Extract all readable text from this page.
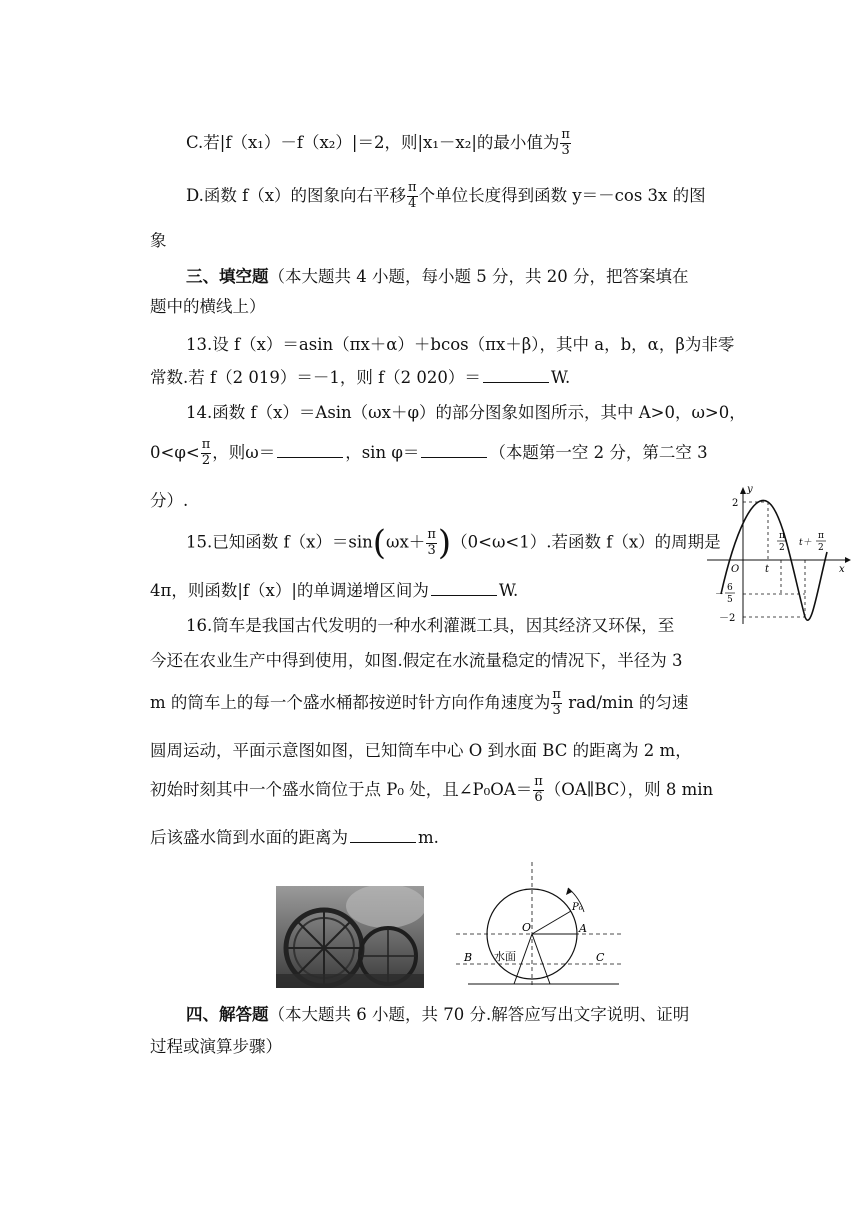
C.若|f（x₁）－f（x₂）|＝2，则|x₁－x₂|的最小值为 $\frac{\pi}{3}$
D.函数 f（x）的图象向右平移 $\frac{\pi}{4}$ 个单位长度得到函数 y＝－cos 3x 的图
象
三、填空题（本大题共 4 小题，每小题 5 分，共 20 分，把答案填在
题中的横线上）
13.设 f（x）＝asin（πx＋α）＋bcos（πx＋β），其中 a，b，α，β为非零
常数.若 f（2 019）＝－1，则 f（2 020）＝	W.
14.函数 f（x）＝Asin（ωx＋φ）的部分图象如图所示，其中 A>0，ω>0，
$0<\varphi< \frac{\pi}{2}$ ，则ω＝	，sin φ＝	（本题第一空 2 分，第二空 3
分）.
15.已知函数 $f(x)=\sin(\omega x+ \frac{\pi}{3} )(0<\omega<1)$.若函数 f（x）的周期是
4π，则函数|f（x）|的单调递增区间为	W.
16.筒车是我国古代发明的一种水利灌溉工具，因其经济又环保，至
今还在农业生产中得到使用，如图.假定在水流量稳定的情况下，半径为 3
m 的筒车上的每一个盛水桶都按逆时针方向作角速度为 $\frac{\pi}{3} rad/\min$ 的匀速
圆周运动，平面示意图如图，已知筒车中心 O 到水面 BC 的距离为 2 m，
初始时刻其中一个盛水筒位于点 P₀ 处，且∠P₀OA＝ $\frac{\pi}{6}$ （OA∥BC），则 8 min
后该盛水筒到水面的距离为	m.
y
x
O
2
6
5
－
－2
t
π
2 t＋
π
2
O	A
P₀
B	C
水面
四、解答题（本大题共 6 小题，共 70 分.解答应写出文字说明、证明
过程或演算步骤）
